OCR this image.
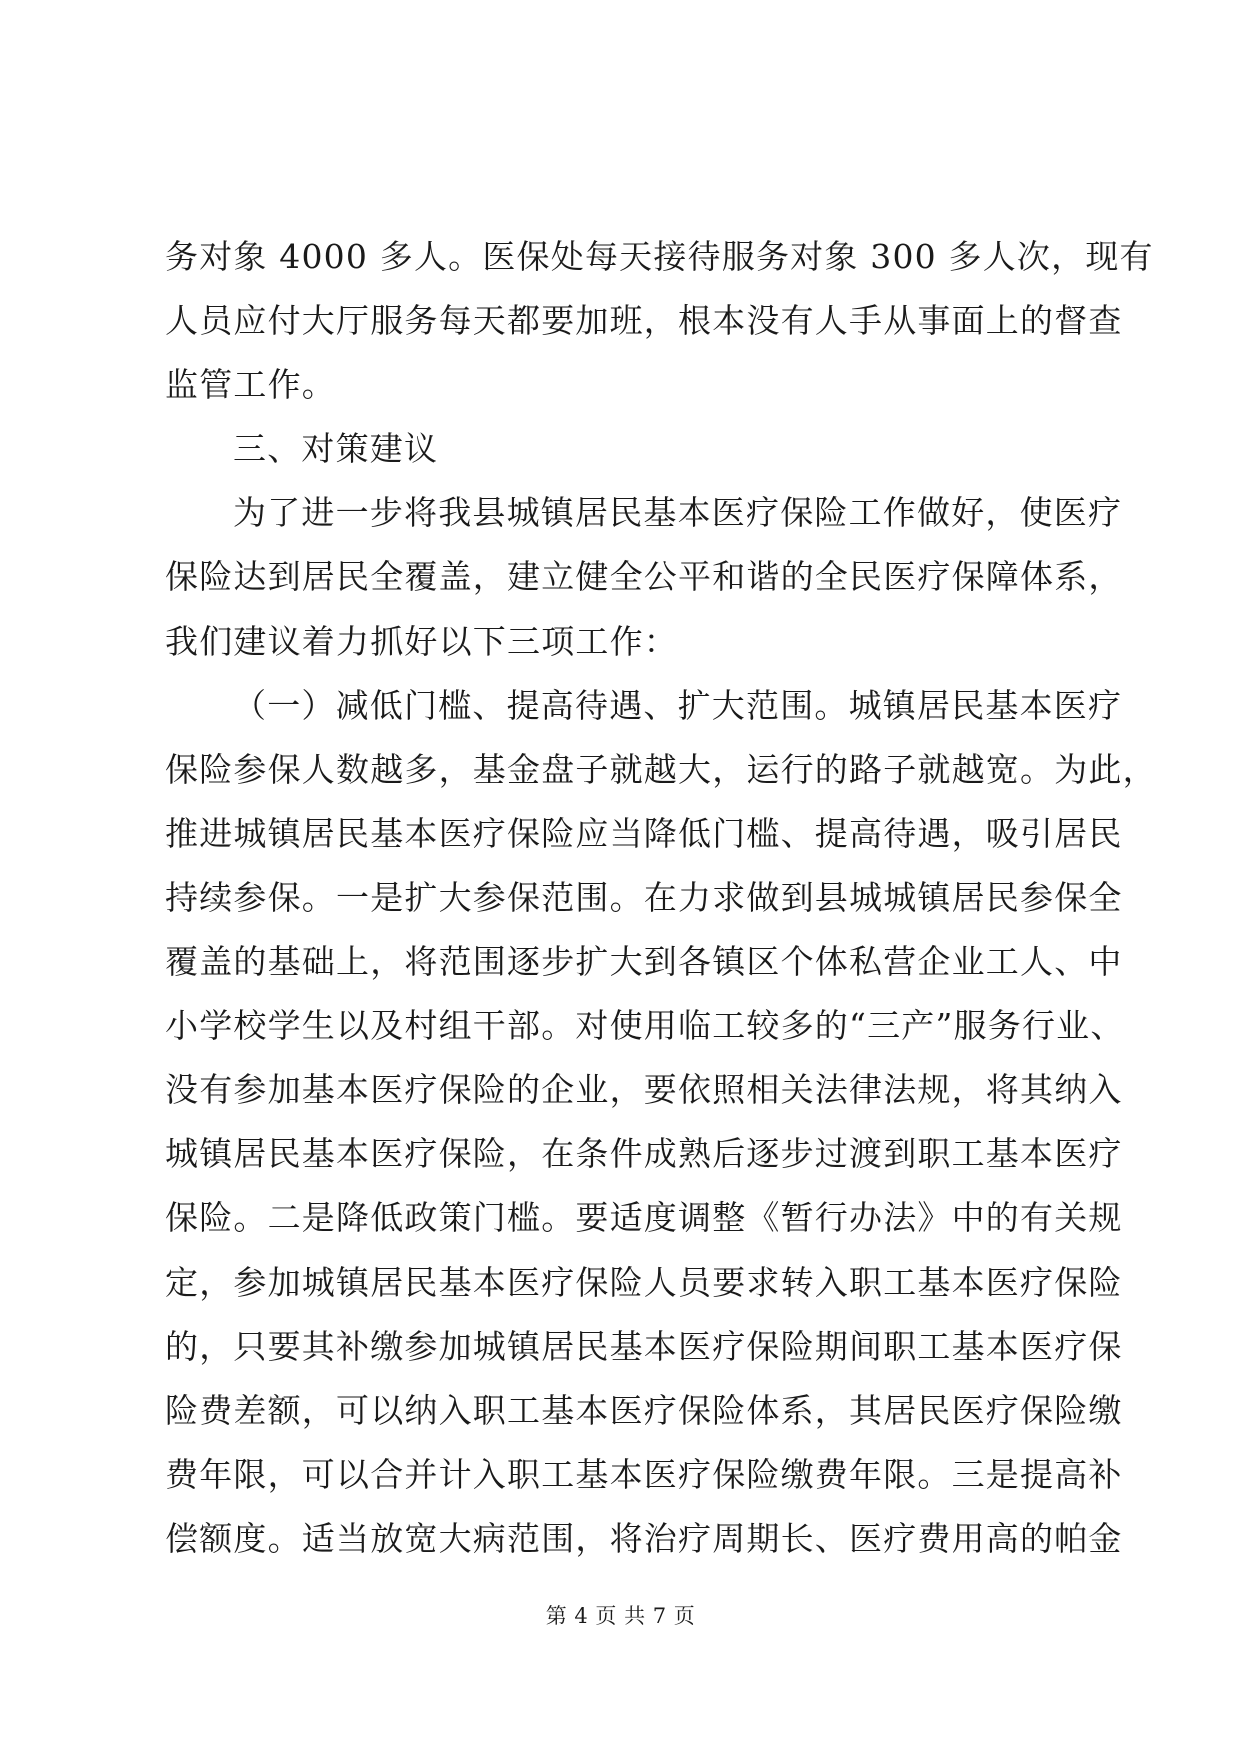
务对象 4000 多人。医保处每天接待服务对象 300 多人次，现有
人员应付大厅服务每天都要加班，根本没有人手从事面上的督查
监管工作。
三、对策建议
为了进一步将我县城镇居民基本医疗保险工作做好，使医疗
保险达到居民全覆盖，建立健全公平和谐的全民医疗保障体系，
我们建议着力抓好以下三项工作：
（一）减低门槛、提高待遇、扩大范围。城镇居民基本医疗
保险参保人数越多，基金盘子就越大，运行的路子就越宽。为此，
推进城镇居民基本医疗保险应当降低门槛、提高待遇，吸引居民
持续参保。一是扩大参保范围。在力求做到县城城镇居民参保全
覆盖的基础上，将范围逐步扩大到各镇区个体私营企业工人、中
小学校学生以及村组干部。对使用临工较多的“三产”服务行业、
没有参加基本医疗保险的企业，要依照相关法律法规，将其纳入
城镇居民基本医疗保险，在条件成熟后逐步过渡到职工基本医疗
保险。二是降低政策门槛。要适度调整《暂行办法》中的有关规
定，参加城镇居民基本医疗保险人员要求转入职工基本医疗保险
的，只要其补缴参加城镇居民基本医疗保险期间职工基本医疗保
险费差额，可以纳入职工基本医疗保险体系，其居民医疗保险缴
费年限，可以合并计入职工基本医疗保险缴费年限。三是提高补
偿额度。适当放宽大病范围，将治疗周期长、医疗费用高的帕金
第 4 页 共 7 页
